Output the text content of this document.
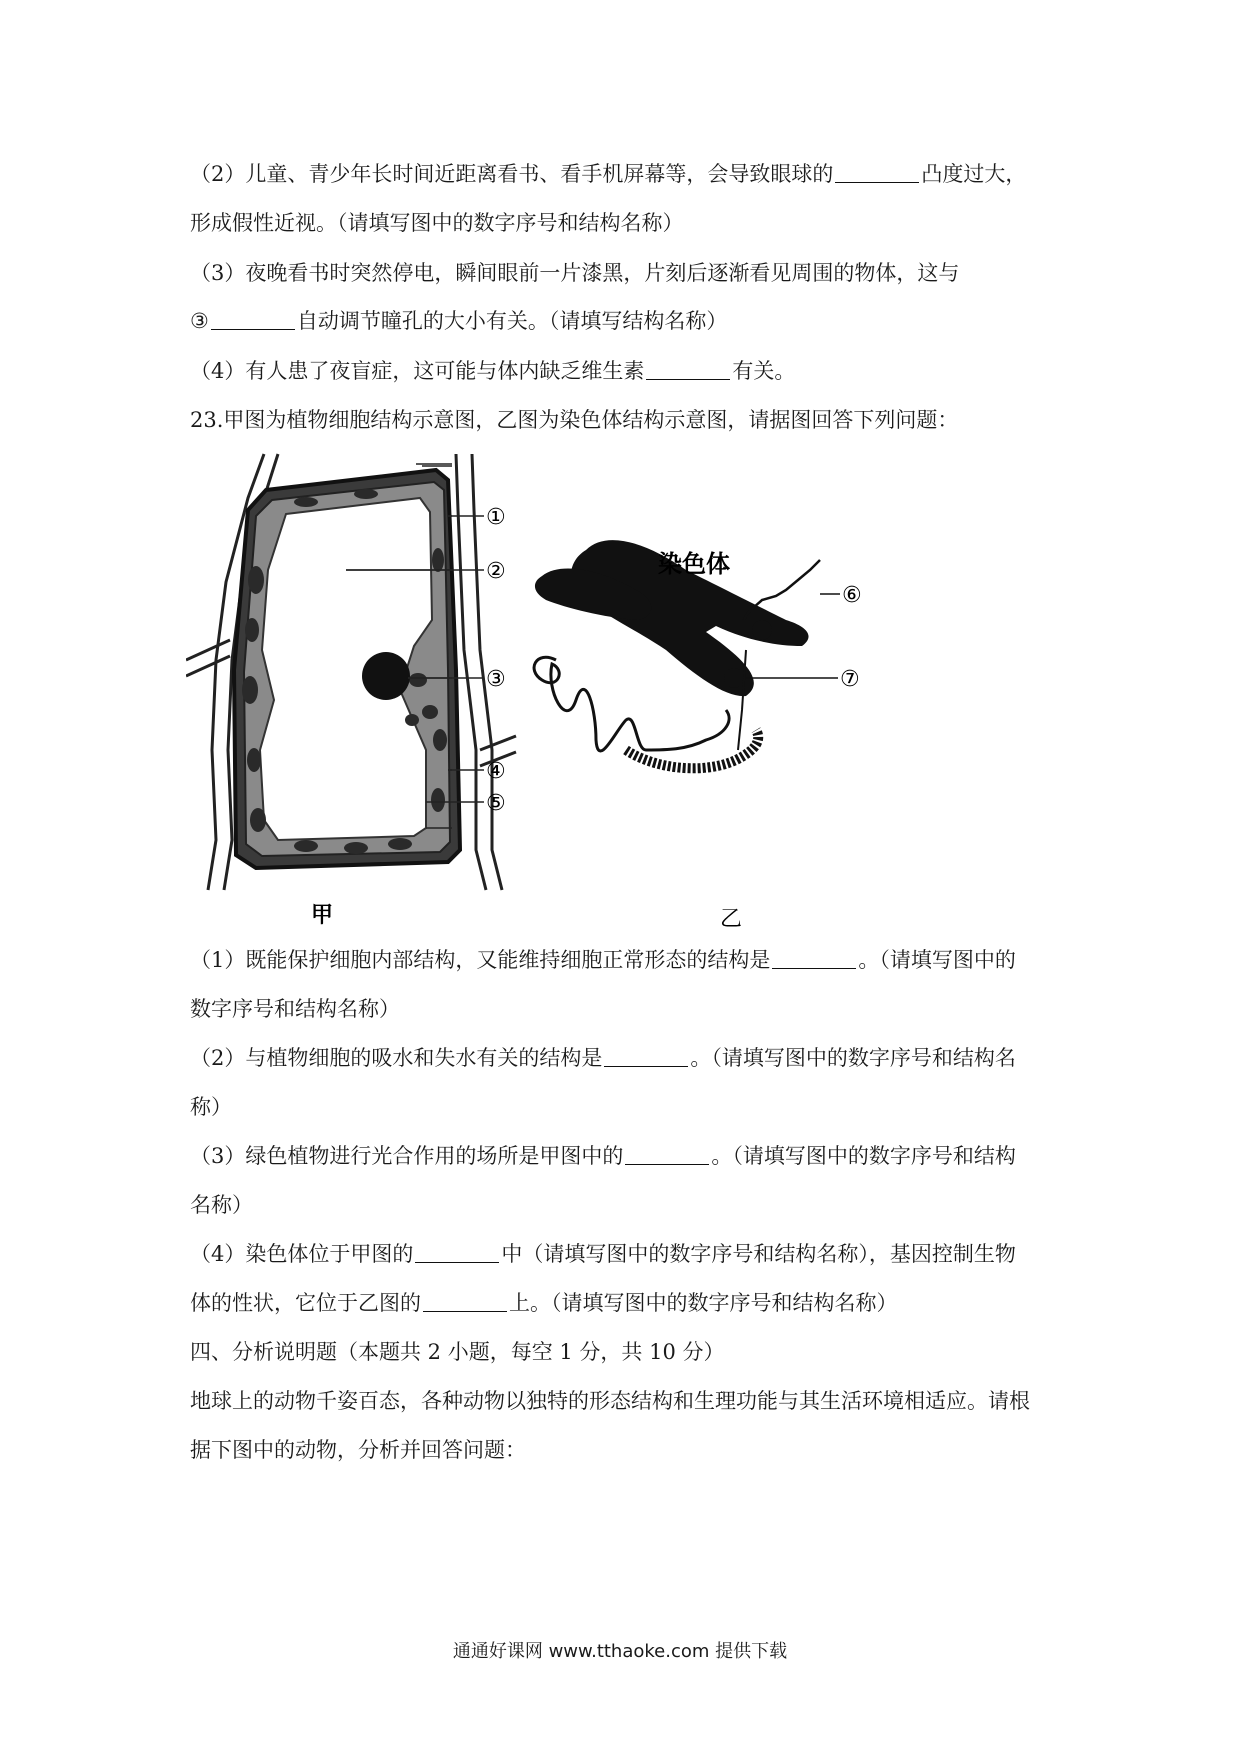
（2）儿童、青少年长时间近距离看书、看手机屏幕等，会导致眼球的	凸度过大，
形成假性近视。（请填写图中的数字序号和结构名称）
（3）夜晚看书时突然停电，瞬间眼前一片漆黑，片刻后逐渐看见周围的物体，这与
③	自动调节瞳孔的大小有关。（请填写结构名称）
（4）有人患了夜盲症，这可能与体内缺乏维生素	有关。
23.甲图为植物细胞结构示意图，乙图为染色体结构示意图，请据图回答下列问题：
①
②
③
④
⑤
甲
染色体
⑥
⑦
乙
（1）既能保护细胞内部结构，又能维持细胞正常形态的结构是	。（请填写图中的
数字序号和结构名称）
（2）与植物细胞的吸水和失水有关的结构是	。（请填写图中的数字序号和结构名
称）
（3）绿色植物进行光合作用的场所是甲图中的	。（请填写图中的数字序号和结构
名称）
（4）染色体位于甲图的	中（请填写图中的数字序号和结构名称），基因控制生物
体的性状，它位于乙图的	上。（请填写图中的数字序号和结构名称）
四、分析说明题（本题共 2 小题，每空 1 分，共 10 分）
地球上的动物千姿百态，各种动物以独特的形态结构和生理功能与其生活环境相适应。请根
据下图中的动物，分析并回答问题：
通通好课网 www.tthaoke.com 提供下载
